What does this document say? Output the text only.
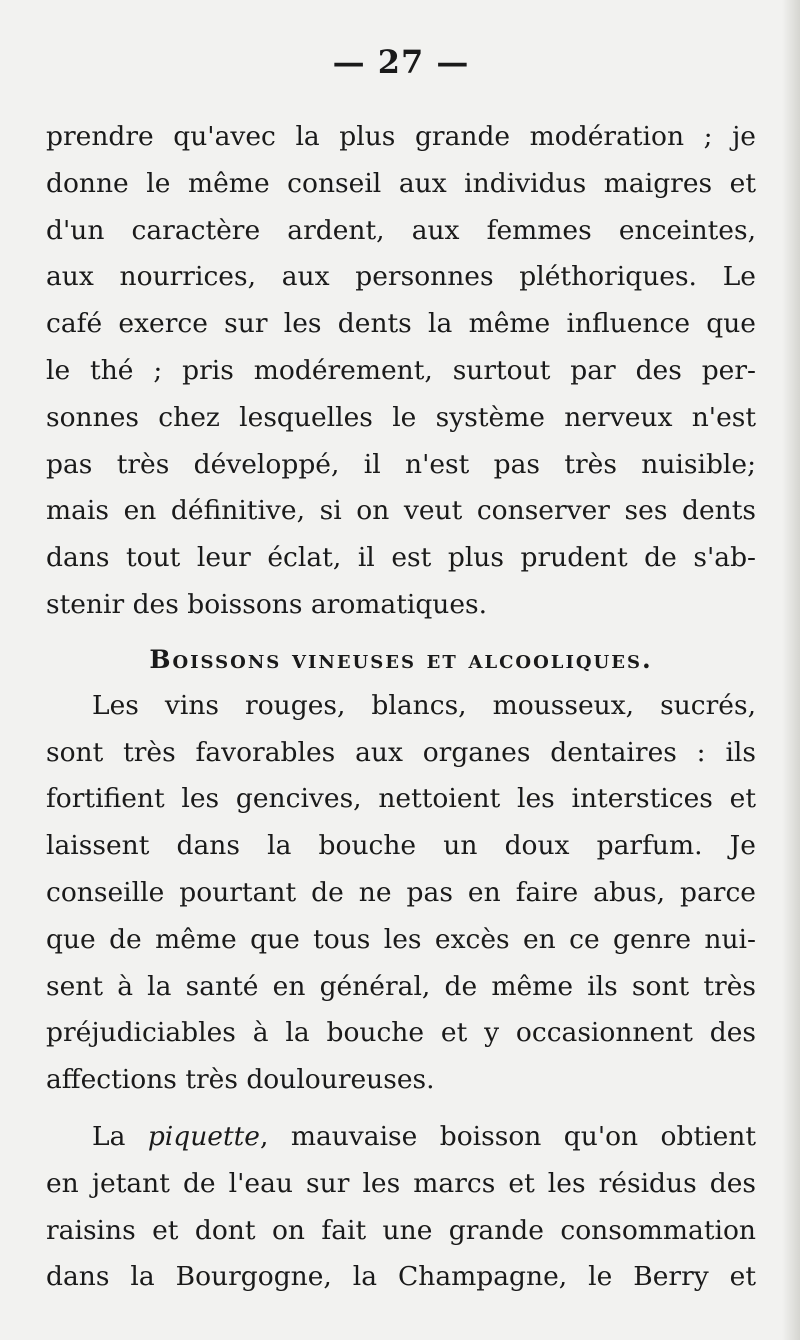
— 27 —

prendre qu'avec la plus grande modération ; je

donne le même conseil aux individus maigres et

d'un caractère ardent, aux femmes enceintes,

aux nourrices, aux personnes pléthoriques. Le

café exerce sur les dents la même influence que

le thé ; pris modérement, surtout par des per-

sonnes chez lesquelles le système nerveux n'est

pas très développé, il n'est pas très nuisible;

mais en définitive, si on veut conserver ses dents

dans tout leur éclat, il est plus prudent de s'ab-

stenir des boissons aromatiques.

Boissons vineuses et alcooliques.

Les vins rouges, blancs, mousseux, sucrés,

sont très favorables aux organes dentaires : ils

fortifient les gencives, nettoient les interstices et

laissent dans la bouche un doux parfum. Je

conseille pourtant de ne pas en faire abus, parce

que de même que tous les excès en ce genre nui-

sent à la santé en général, de même ils sont très

préjudiciables à la bouche et y occasionnent des

affections très douloureuses.

La piquette, mauvaise boisson qu'on obtient

en jetant de l'eau sur les marcs et les résidus des

raisins et dont on fait une grande consommation

dans la Bourgogne, la Champagne, le Berry et
